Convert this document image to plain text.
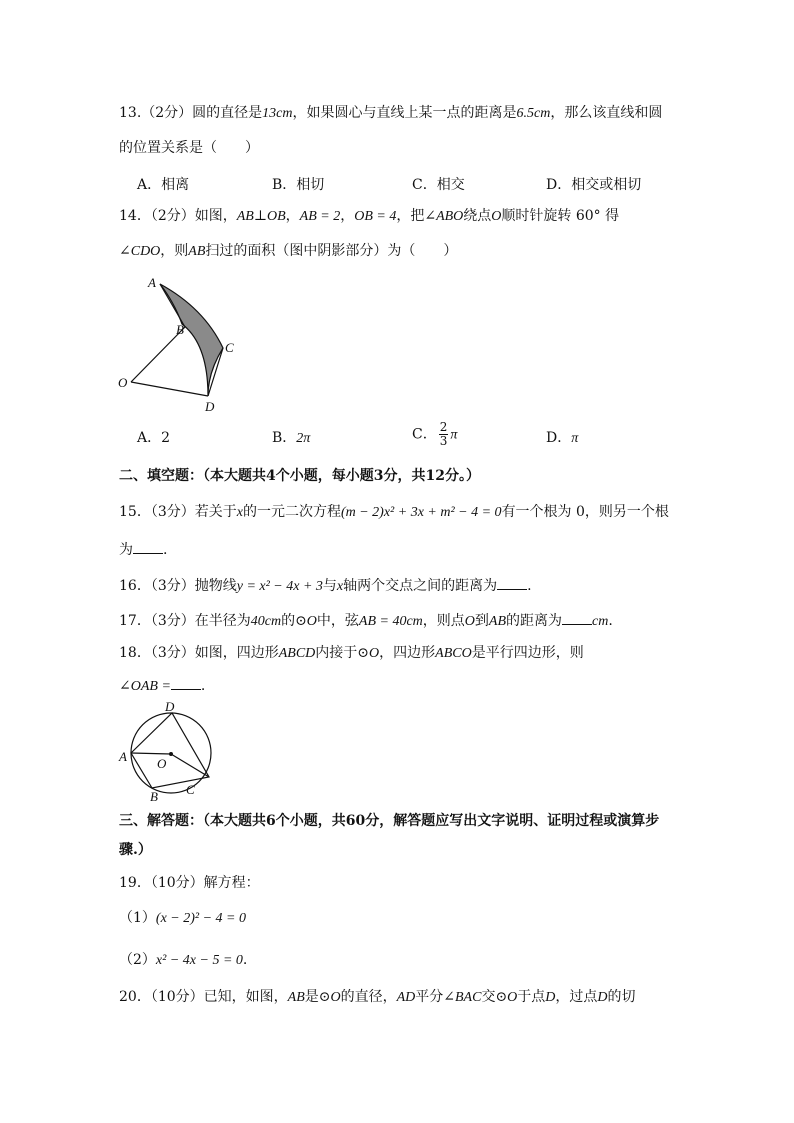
13.（2分）圆的直径是13cm，如果圆心与直线上某一点的距离是6.5cm，那么该直线和圆
的位置关系是（　　）
A．相离	B．相切	C．相交	D．相交或相切
14．（2分）如图，AB⊥OB，AB = 2，OB = 4，把∠ABO绕点O顺时针旋转 60° 得
∠CDO，则AB扫过的面积（图中阴影部分）为（　　）
A
B
C
O
D
A．2	B．2π	C． $\frac{2}{3}$ π	D．π
二、填空题：（本大题共4个小题，每小题3分，共12分。）
15．（3分）若关于x的一元二次方程(m − 2)x² + 3x + m² − 4 = 0有一个根为 0，则另一个根
为 .
16．（3分）抛物线y = x² − 4x + 3与x轴两个交点之间的距离为 .
17．（3分）在半径为40cm的⊙O中，弦AB = 40cm，则点O到AB的距离为 cm.
18．（3分）如图，四边形ABCD内接于⊙O，四边形ABCO是平行四边形，则
∠OAB = .
D
A O
C
B
三、解答题：（本大题共6个小题，共60分，解答题应写出文字说明、证明过程或演算步
骤.）
19．（10分）解方程：
（1）(x − 2)² − 4 = 0
（2）x² − 4x − 5 = 0.
20．（10分）已知，如图，AB是⊙O的直径，AD平分∠BAC交⊙O于点D，过点D的切
